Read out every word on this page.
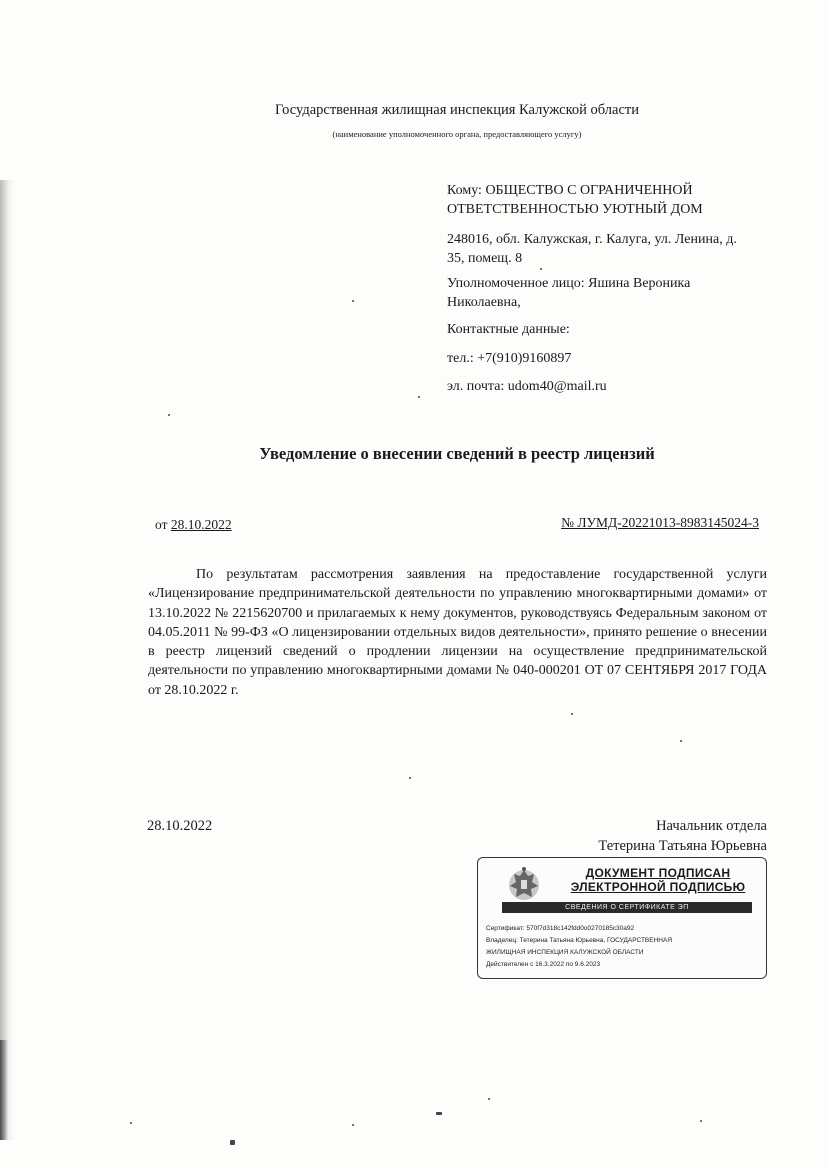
Государственная жилищная инспекция Калужской области
(наименование уполномоченного органа, предоставляющего услугу)
Кому: ОБЩЕСТВО С ОГРАНИЧЕННОЙ
ОТВЕТСТВЕННОСТЬЮ УЮТНЫЙ ДОМ
248016, обл. Калужская, г. Калуга, ул. Ленина, д.
35, помещ. 8
Уполномоченное лицо: Яшина Вероника
Николаевна,
Контактные данные:
тел.: +7(910)9160897
эл. почта: udom40@mail.ru
Уведомление о внесении сведений в реестр лицензий
от 28.10.2022	№ ЛУМД-20221013-8983145024-3
По результатам рассмотрения заявления на предоставление государственной услуги «Лицензирование предпринимательской деятельности по управлению многоквартирными домами» от 13.10.2022 № 2215620700 и прилагаемых к нему документов, руководствуясь Федеральным законом от 04.05.2011 № 99-ФЗ «О лицензировании отдельных видов деятельности», принято решение о внесении в реестр лицензий сведений о продлении лицензии на осуществление предпринимательской деятельности по управлению многоквартирными домами № 040-000201 ОТ 07 СЕНТЯБРЯ 2017 ГОДА от 28.10.2022 г.
28.10.2022	Начальник отдела
Тетерина Татьяна Юрьевна
ДОКУМЕНТ ПОДПИСАН
ЭЛЕКТРОННОЙ ПОДПИСЬЮ
СВЕДЕНИЯ О СЕРТИФИКАТЕ ЭП
Сертификат: 570f7d318c142fdd0o0270185c30a92
Владелец: Тетерина Татьяна Юрьевна, ГОСУДАРСТВЕННАЯ
ЖИЛИЩНАЯ ИНСПЕКЦИЯ КАЛУЖСКОЙ ОБЛАСТИ
Действителен с 16.3.2022 по 9.6.2023
